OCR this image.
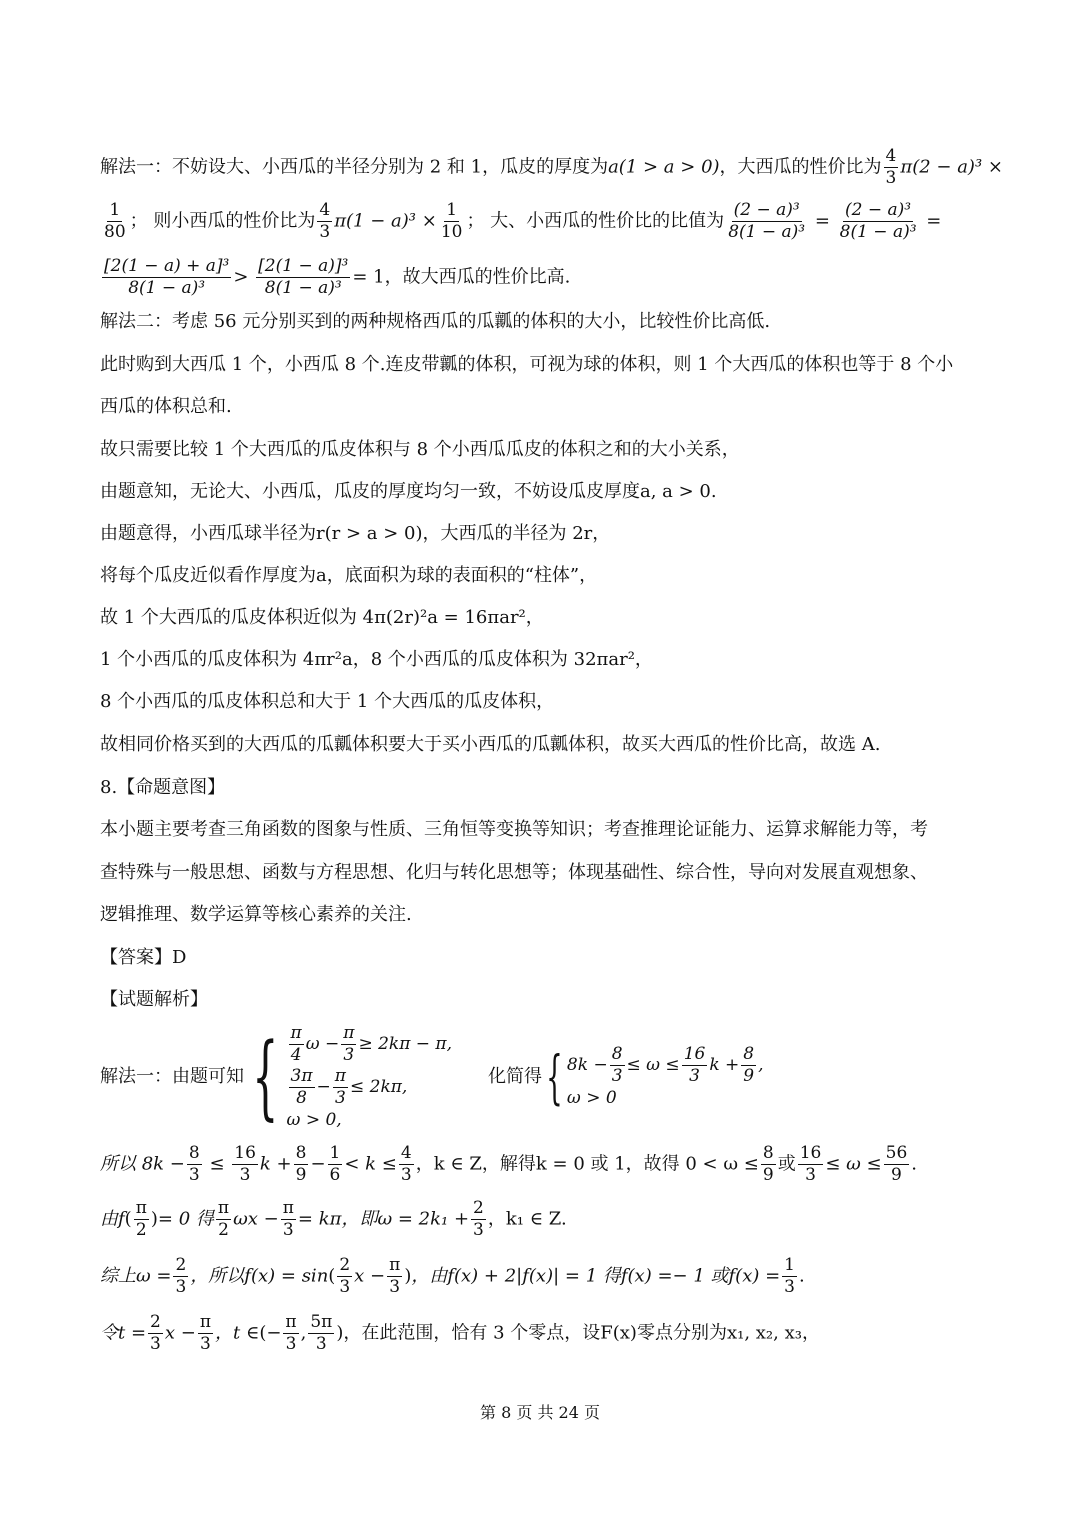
解法一：不妨设大、小西瓜的半径分别为 2 和 1，瓜皮的厚度为a(1 > a > 0)，大西瓜的性价比为 $\frac{4}{3} \pi(2 - a)^3$ ×
$\frac{1}{80}$ ； 则小西瓜的性价比为 $\frac{4}{3} \pi(1 - a)^3 \times \frac{1}{10}$ ； 大、小西瓜的性价比的比值为 $\frac{\text{(2 − a)³}}{\text{8(1 − a)³}} = \frac{\text{(2 − a)³}}{\text{8(1 − a)³}}$ =
$\frac{\text{[2(1 − a) + a]³}}{\text{8(1 − a)³}} > \frac{\text{[2(1 − a)]³}}{\text{8(1 − a)³}} = 1$，故大西瓜的性价比高.
解法二：考虑 56 元分别买到的两种规格西瓜的瓜瓤的体积的大小，比较性价比高低.
此时购到大西瓜 1 个，小西瓜 8 个.连皮带瓤的体积，可视为球的体积，则 1 个大西瓜的体积也等于 8 个小
西瓜的体积总和.
故只需要比较 1 个大西瓜的瓜皮体积与 8 个小西瓜瓜皮的体积之和的大小关系，
由题意知，无论大、小西瓜，瓜皮的厚度均匀一致，不妨设瓜皮厚度a, a > 0.
由题意得，小西瓜球半径为r(r > a > 0)，大西瓜的半径为 2r，
将每个瓜皮近似看作厚度为a，底面积为球的表面积的“柱体”，
故 1 个大西瓜的瓜皮体积近似为 4π(2r)²a = 16πar²，
1 个小西瓜的瓜皮体积为 4πr²a，8 个小西瓜的瓜皮体积为 32πar²，
8 个小西瓜的瓜皮体积总和大于 1 个大西瓜的瓜皮体积，
故相同价格买到的大西瓜的瓜瓤体积要大于买小西瓜的瓜瓤体积，故买大西瓜的性价比高，故选 A.
8.【命题意图】
本小题主要考查三角函数的图象与性质、三角恒等变换等知识；考查推理论证能力、运算求解能力等，考
查特殊与一般思想、函数与方程思想、化归与转化思想等；体现基础性、综合性，导向对发展直观想象、
逻辑推理、数学运算等核心素养的关注.
【答案】D
【试题解析】
解法一：由题可知 { $\frac{\pi}{4}$ $\omega - \frac{\pi}{3} \ge 2k\pi - \pi$,
$\frac{3\pi}{8} - \frac{\pi}{3} \le 2k\pi$,
ω > 0,
化简得 { $8k - \frac{8}{3} \le \omega \le \frac{16}{3}$ $k + \frac{8}{9}$ ,
ω > 0
所以 $8k - \frac{8}{3} \le \frac{16}{3}$ $k + \frac{8}{9} - \frac{1}{6} < k \le \frac{4}{3}$ ，k ∈ Z，解得k = 0 或 1，故得 $0 < \omega \le \frac{8}{9}$ 或 $\frac{16}{3} \le \omega \le \frac{56}{9}$ .
由$f( \frac{\pi}{2}$ )= 0 得 $\frac{\pi}{2}$ $\omega x - \frac{\pi}{3} = k\pi$，即$\omega = 2k_1 + \frac{2}{3}$ ，k₁ ∈ Z.
综上$\omega = \frac{2}{3}$ ，所以$f(x) = \sin( \frac{2}{3}$ $x - \frac{\pi}{3}$ )，由f(x) + 2|f(x)| = 1 得f(x) =− 1 或$f(x) = \frac{1}{3}$ .
令$t = \frac{2}{3}$ $x - \frac{\pi}{3}$ ，t ∈(− $\frac{\pi}{3}$ , $\frac{5\pi}{3}$ )，在此范围，恰有 3 个零点，设F(x)零点分别为x₁, x₂, x₃，
第 8 页 共 24 页
